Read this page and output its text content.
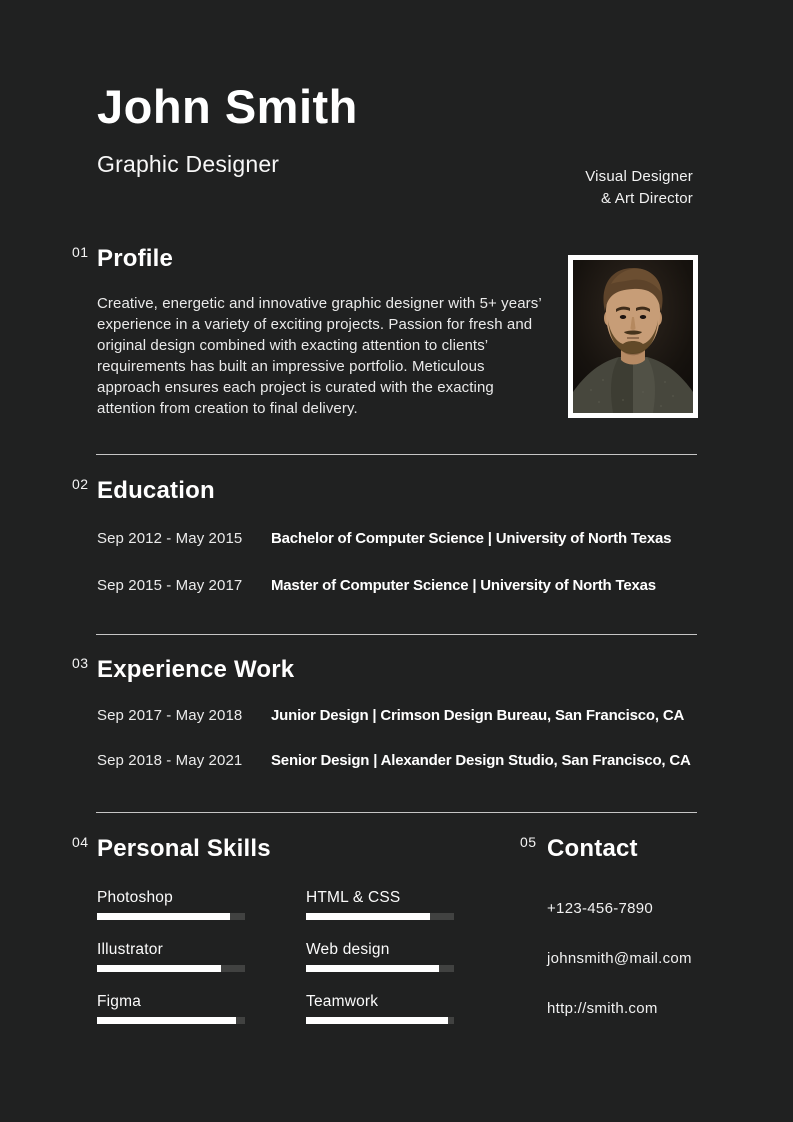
John Smith
Graphic Designer	Visual Designer
& Art Director
01 Profile
Creative, energetic and innovative graphic designer with 5+ years’ experience in a variety of exciting projects. Passion for fresh and original design combined with exacting attention to clients’ requirements has built an impressive portfolio. Meticulous approach ensures each project is curated with the exacting attention from creation to final delivery.
02 Education
Sep 2012 - May 2015	Bachelor of Computer Science | University of North Texas
Sep 2015 - May 2017	Master of Computer Science | University of North Texas
03 Experience Work
Sep 2017 - May 2018	Junior Design | Crimson Design Bureau, San Francisco, CA
Sep 2018 - May 2021	Senior Design | Alexander Design Studio, San Francisco, CA
04 Personal Skills
Photoshop
Illustrator
Figma
HTML & CSS
Web design
Teamwork
05 Contact
+123-456-7890
johnsmith@mail.com
http://smith.com
